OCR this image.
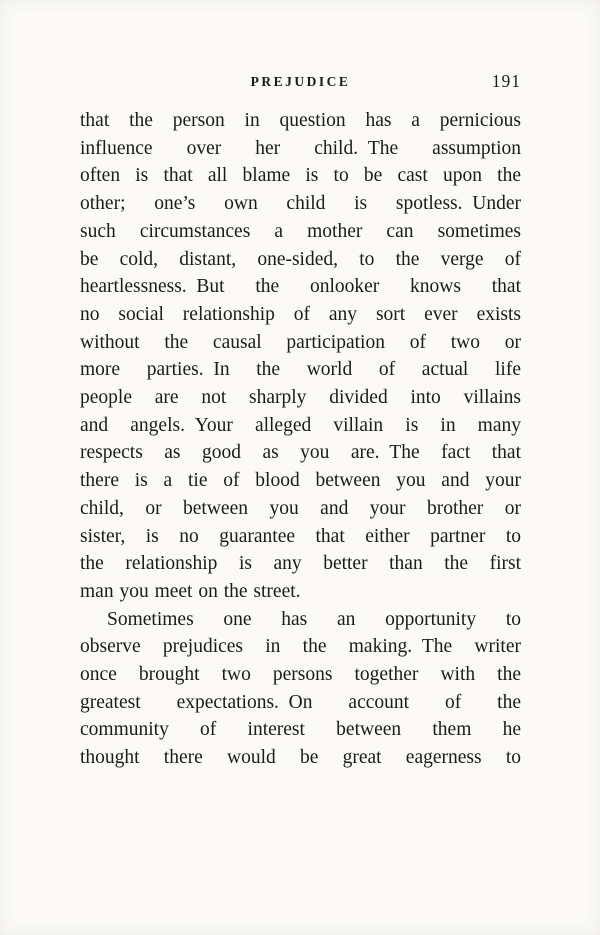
PREJUDICE	191
that the person in question has a pernicious
influence over her child. The assumption
often is that all blame is to be cast upon the
other; one’s own child is spotless. Under
such circumstances a mother can sometimes
be cold, distant, one-sided, to the verge of
heartlessness. But the onlooker knows that
no social relationship of any sort ever exists
without the causal participation of two or
more parties. In the world of actual life
people are not sharply divided into villains
and angels. Your alleged villain is in many
respects as good as you are. The fact that
there is a tie of blood between you and your
child, or between you and your brother or
sister, is no guarantee that either partner to
the relationship is any better than the first
man you meet on the street.
Sometimes one has an opportunity to
observe prejudices in the making. The writer
once brought two persons together with the
greatest expectations. On account of the
community of interest between them he
thought there would be great eagerness to
